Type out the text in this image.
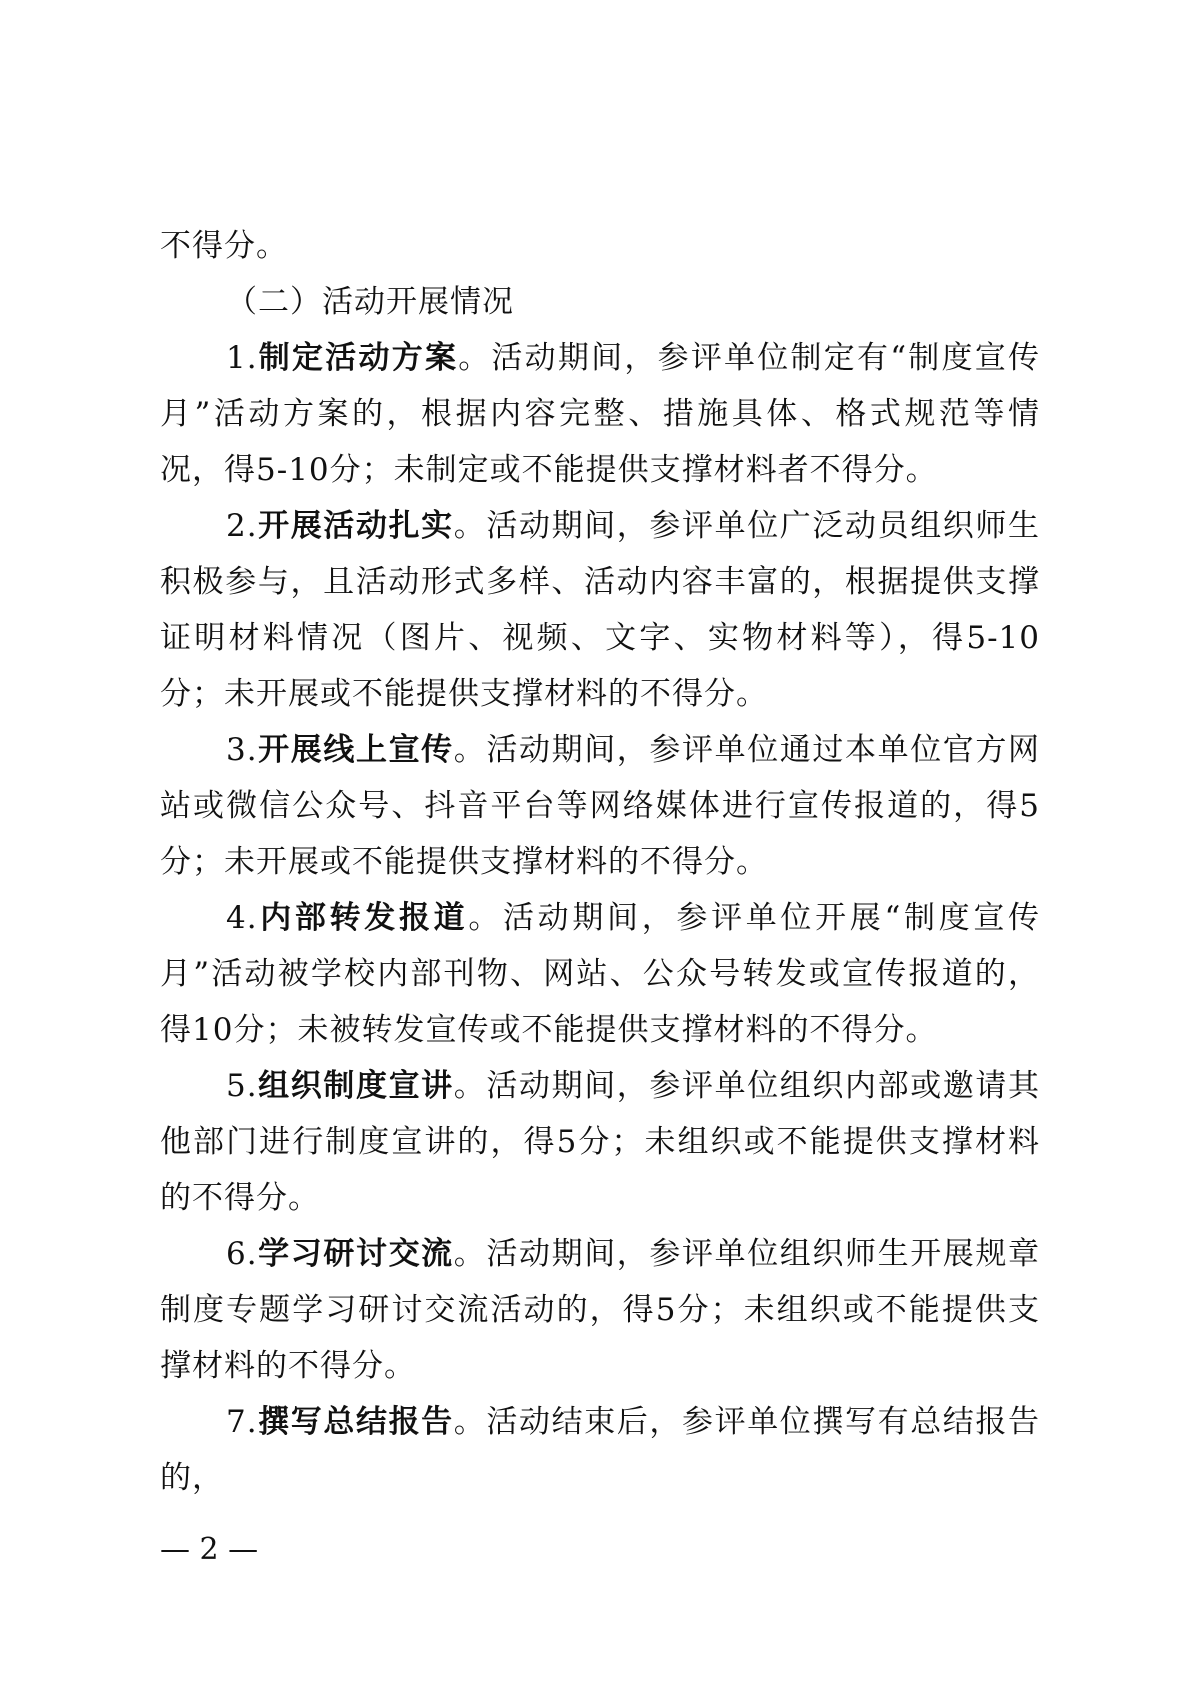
不得分。

（二）活动开展情况

1.制定活动方案。活动期间，参评单位制定有“制度宣传月”活动方案的，根据内容完整、措施具体、格式规范等情况，得5-10分；未制定或不能提供支撑材料者不得分。

2.开展活动扎实。活动期间，参评单位广泛动员组织师生积极参与，且活动形式多样、活动内容丰富的，根据提供支撑证明材料情况（图片、视频、文字、实物材料等），得5-10分；未开展或不能提供支撑材料的不得分。

3.开展线上宣传。活动期间，参评单位通过本单位官方网站或微信公众号、抖音平台等网络媒体进行宣传报道的，得5分；未开展或不能提供支撑材料的不得分。

4.内部转发报道。活动期间，参评单位开展“制度宣传月”活动被学校内部刊物、网站、公众号转发或宣传报道的，得10分；未被转发宣传或不能提供支撑材料的不得分。

5.组织制度宣讲。活动期间，参评单位组织内部或邀请其他部门进行制度宣讲的，得5分；未组织或不能提供支撑材料的不得分。

6.学习研讨交流。活动期间，参评单位组织师生开展规章制度专题学习研讨交流活动的，得5分；未组织或不能提供支撑材料的不得分。

7.撰写总结报告。活动结束后，参评单位撰写有总结报告的，

— 2 —
